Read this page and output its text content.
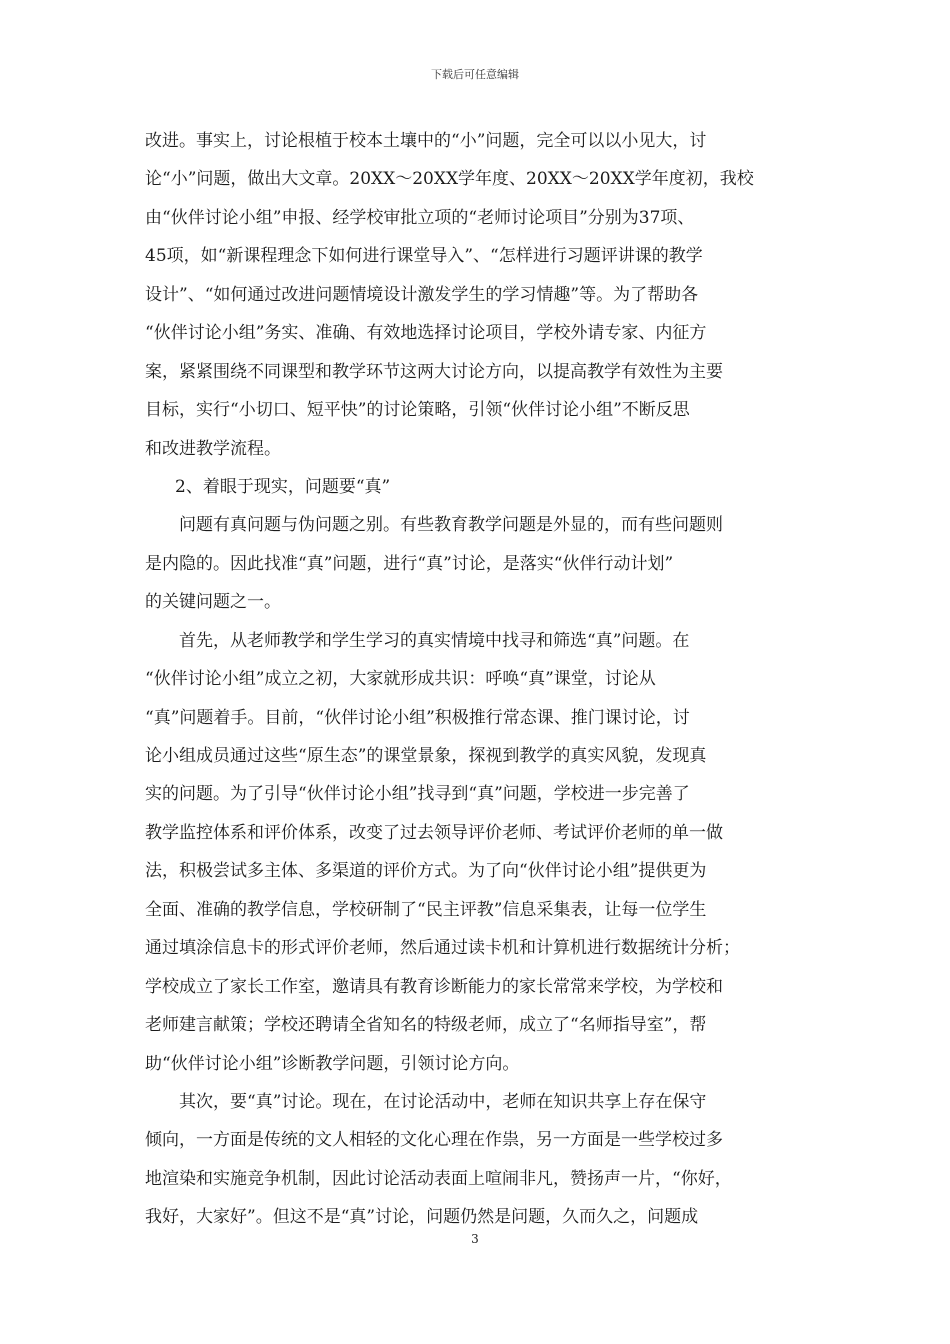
下载后可任意编辑
改进。事实上，讨论根植于校本土壤中的“小”问题，完全可以以小见大，讨
论“小”问题，做出大文章。20XX～20XX学年度、20XX～20XX学年度初，我校
由“伙伴讨论小组”申报、经学校审批立项的“老师讨论项目”分别为37项、
45项，如“新课程理念下如何进行课堂导入”、“怎样进行习题评讲课的教学
设计”、“如何通过改进问题情境设计激发学生的学习情趣”等。为了帮助各
“伙伴讨论小组”务实、准确、有效地选择讨论项目，学校外请专家、内征方
案，紧紧围绕不同课型和教学环节这两大讨论方向，以提高教学有效性为主要
目标，实行“小切口、短平快”的讨论策略，引领“伙伴讨论小组”不断反思
和改进教学流程。
2、着眼于现实，问题要“真”
问题有真问题与伪问题之别。有些教育教学问题是外显的，而有些问题则
是内隐的。因此找准“真”问题，进行“真”讨论，是落实“伙伴行动计划”
的关键问题之一。
首先，从老师教学和学生学习的真实情境中找寻和筛选“真”问题。在
“伙伴讨论小组”成立之初，大家就形成共识：呼唤“真”课堂，讨论从
“真”问题着手。目前，“伙伴讨论小组”积极推行常态课、推门课讨论，讨
论小组成员通过这些“原生态”的课堂景象，探视到教学的真实风貌，发现真
实的问题。为了引导“伙伴讨论小组”找寻到“真”问题，学校进一步完善了
教学监控体系和评价体系，改变了过去领导评价老师、考试评价老师的单一做
法，积极尝试多主体、多渠道的评价方式。为了向“伙伴讨论小组”提供更为
全面、准确的教学信息，学校研制了“民主评教”信息采集表，让每一位学生
通过填涂信息卡的形式评价老师，然后通过读卡机和计算机进行数据统计分析；
学校成立了家长工作室，邀请具有教育诊断能力的家长常常来学校，为学校和
老师建言献策；学校还聘请全省知名的特级老师，成立了“名师指导室”，帮
助“伙伴讨论小组”诊断教学问题，引领讨论方向。
其次，要“真”讨论。现在，在讨论活动中，老师在知识共享上存在保守
倾向，一方面是传统的文人相轻的文化心理在作祟，另一方面是一些学校过多
地渲染和实施竞争机制，因此讨论活动表面上喧闹非凡，赞扬声一片，“你好，
我好，大家好”。但这不是“真”讨论，问题仍然是问题，久而久之，问题成
3
